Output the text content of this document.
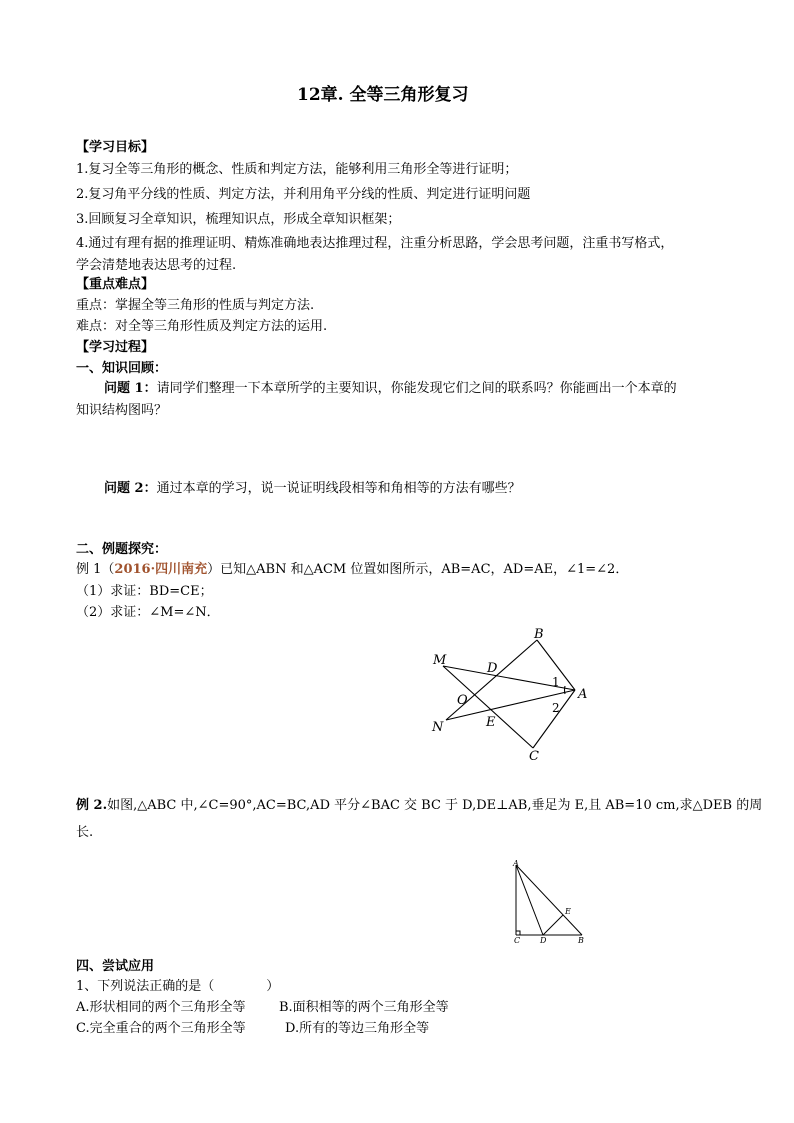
12章. 全等三角形复习
【学习目标】
1.复习全等三角形的概念、性质和判定方法，能够利用三角形全等进行证明；
2.复习角平分线的性质、判定方法，并利用角平分线的性质、判定进行证明问题
3.回顾复习全章知识，梳理知识点，形成全章知识框架；
4.通过有理有据的推理证明、精炼准确地表达推理过程，注重分析思路，学会思考问题，注重书写格式，
学会清楚地表达思考的过程.
【重点难点】
重点：掌握全等三角形的性质与判定方法.
难点：对全等三角形性质及判定方法的运用.
【学习过程】
一、知识回顾：
问题 1：请同学们整理一下本章所学的主要知识，你能发现它们之间的联系吗？你能画出一个本章的
知识结构图吗？
问题 2：通过本章的学习，说一说证明线段相等和角相等的方法有哪些？
二、例题探究：
例 1（2016·四川南充）已知△ABN 和△ACM 位置如图所示，AB=AC，AD=AE，∠1=∠2．
（1）求证：BD=CE；
（2）求证：∠M=∠N．
B
M
D
1
A
O	2
N	E
C
例 2.如图,△ABC 中,∠C=90°,AC=BC,AD 平分∠BAC 交 BC 于 D,DE⊥AB,垂足为 E,且 AB=10 cm,求△DEB 的周
长.
A
E
C D	B
四、尝试应用
1、下列说法正确的是（　　　　）
A.形状相同的两个三角形全等	B.面积相等的两个三角形全等
C.完全重合的两个三角形全等	D.所有的等边三角形全等
